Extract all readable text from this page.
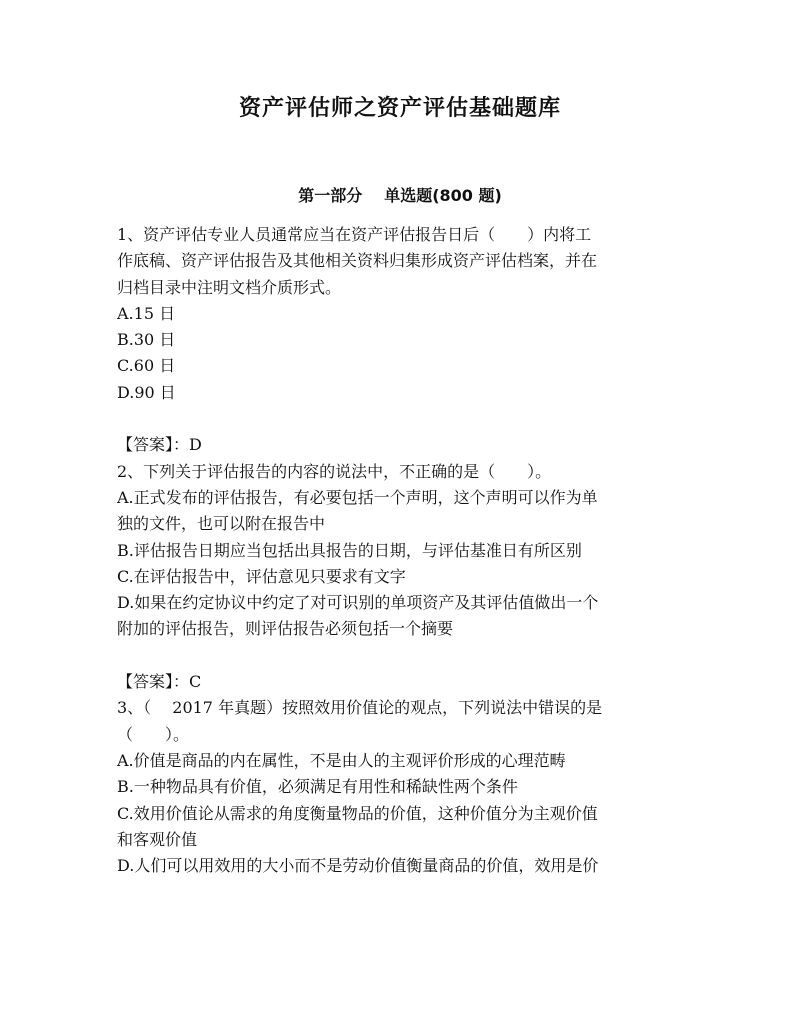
资产评估师之资产评估基础题库
第一部分 单选题(800 题)
1、资产评估专业人员通常应当在资产评估报告日后（　　）内将工
作底稿、资产评估报告及其他相关资料归集形成资产评估档案，并在
归档目录中注明文档介质形式。
A.15 日
B.30 日
C.60 日
D.90 日
【答案】：D
2、下列关于评估报告的内容的说法中，不正确的是（　　）。
A.正式发布的评估报告，有必要包括一个声明，这个声明可以作为单
独的文件，也可以附在报告中
B.评估报告日期应当包括出具报告的日期，与评估基准日有所区别
C.在评估报告中，评估意见只要求有文字
D.如果在约定协议中约定了对可识别的单项资产及其评估值做出一个
附加的评估报告，则评估报告必须包括一个摘要
【答案】：C
3、（　 2017 年真题）按照效用价值论的观点，下列说法中错误的是
（　　）。
A.价值是商品的内在属性，不是由人的主观评价形成的心理范畴
B.一种物品具有价值，必须满足有用性和稀缺性两个条件
C.效用价值论从需求的角度衡量物品的价值，这种价值分为主观价值
和客观价值
D.人们可以用效用的大小而不是劳动价值衡量商品的价值，效用是价
